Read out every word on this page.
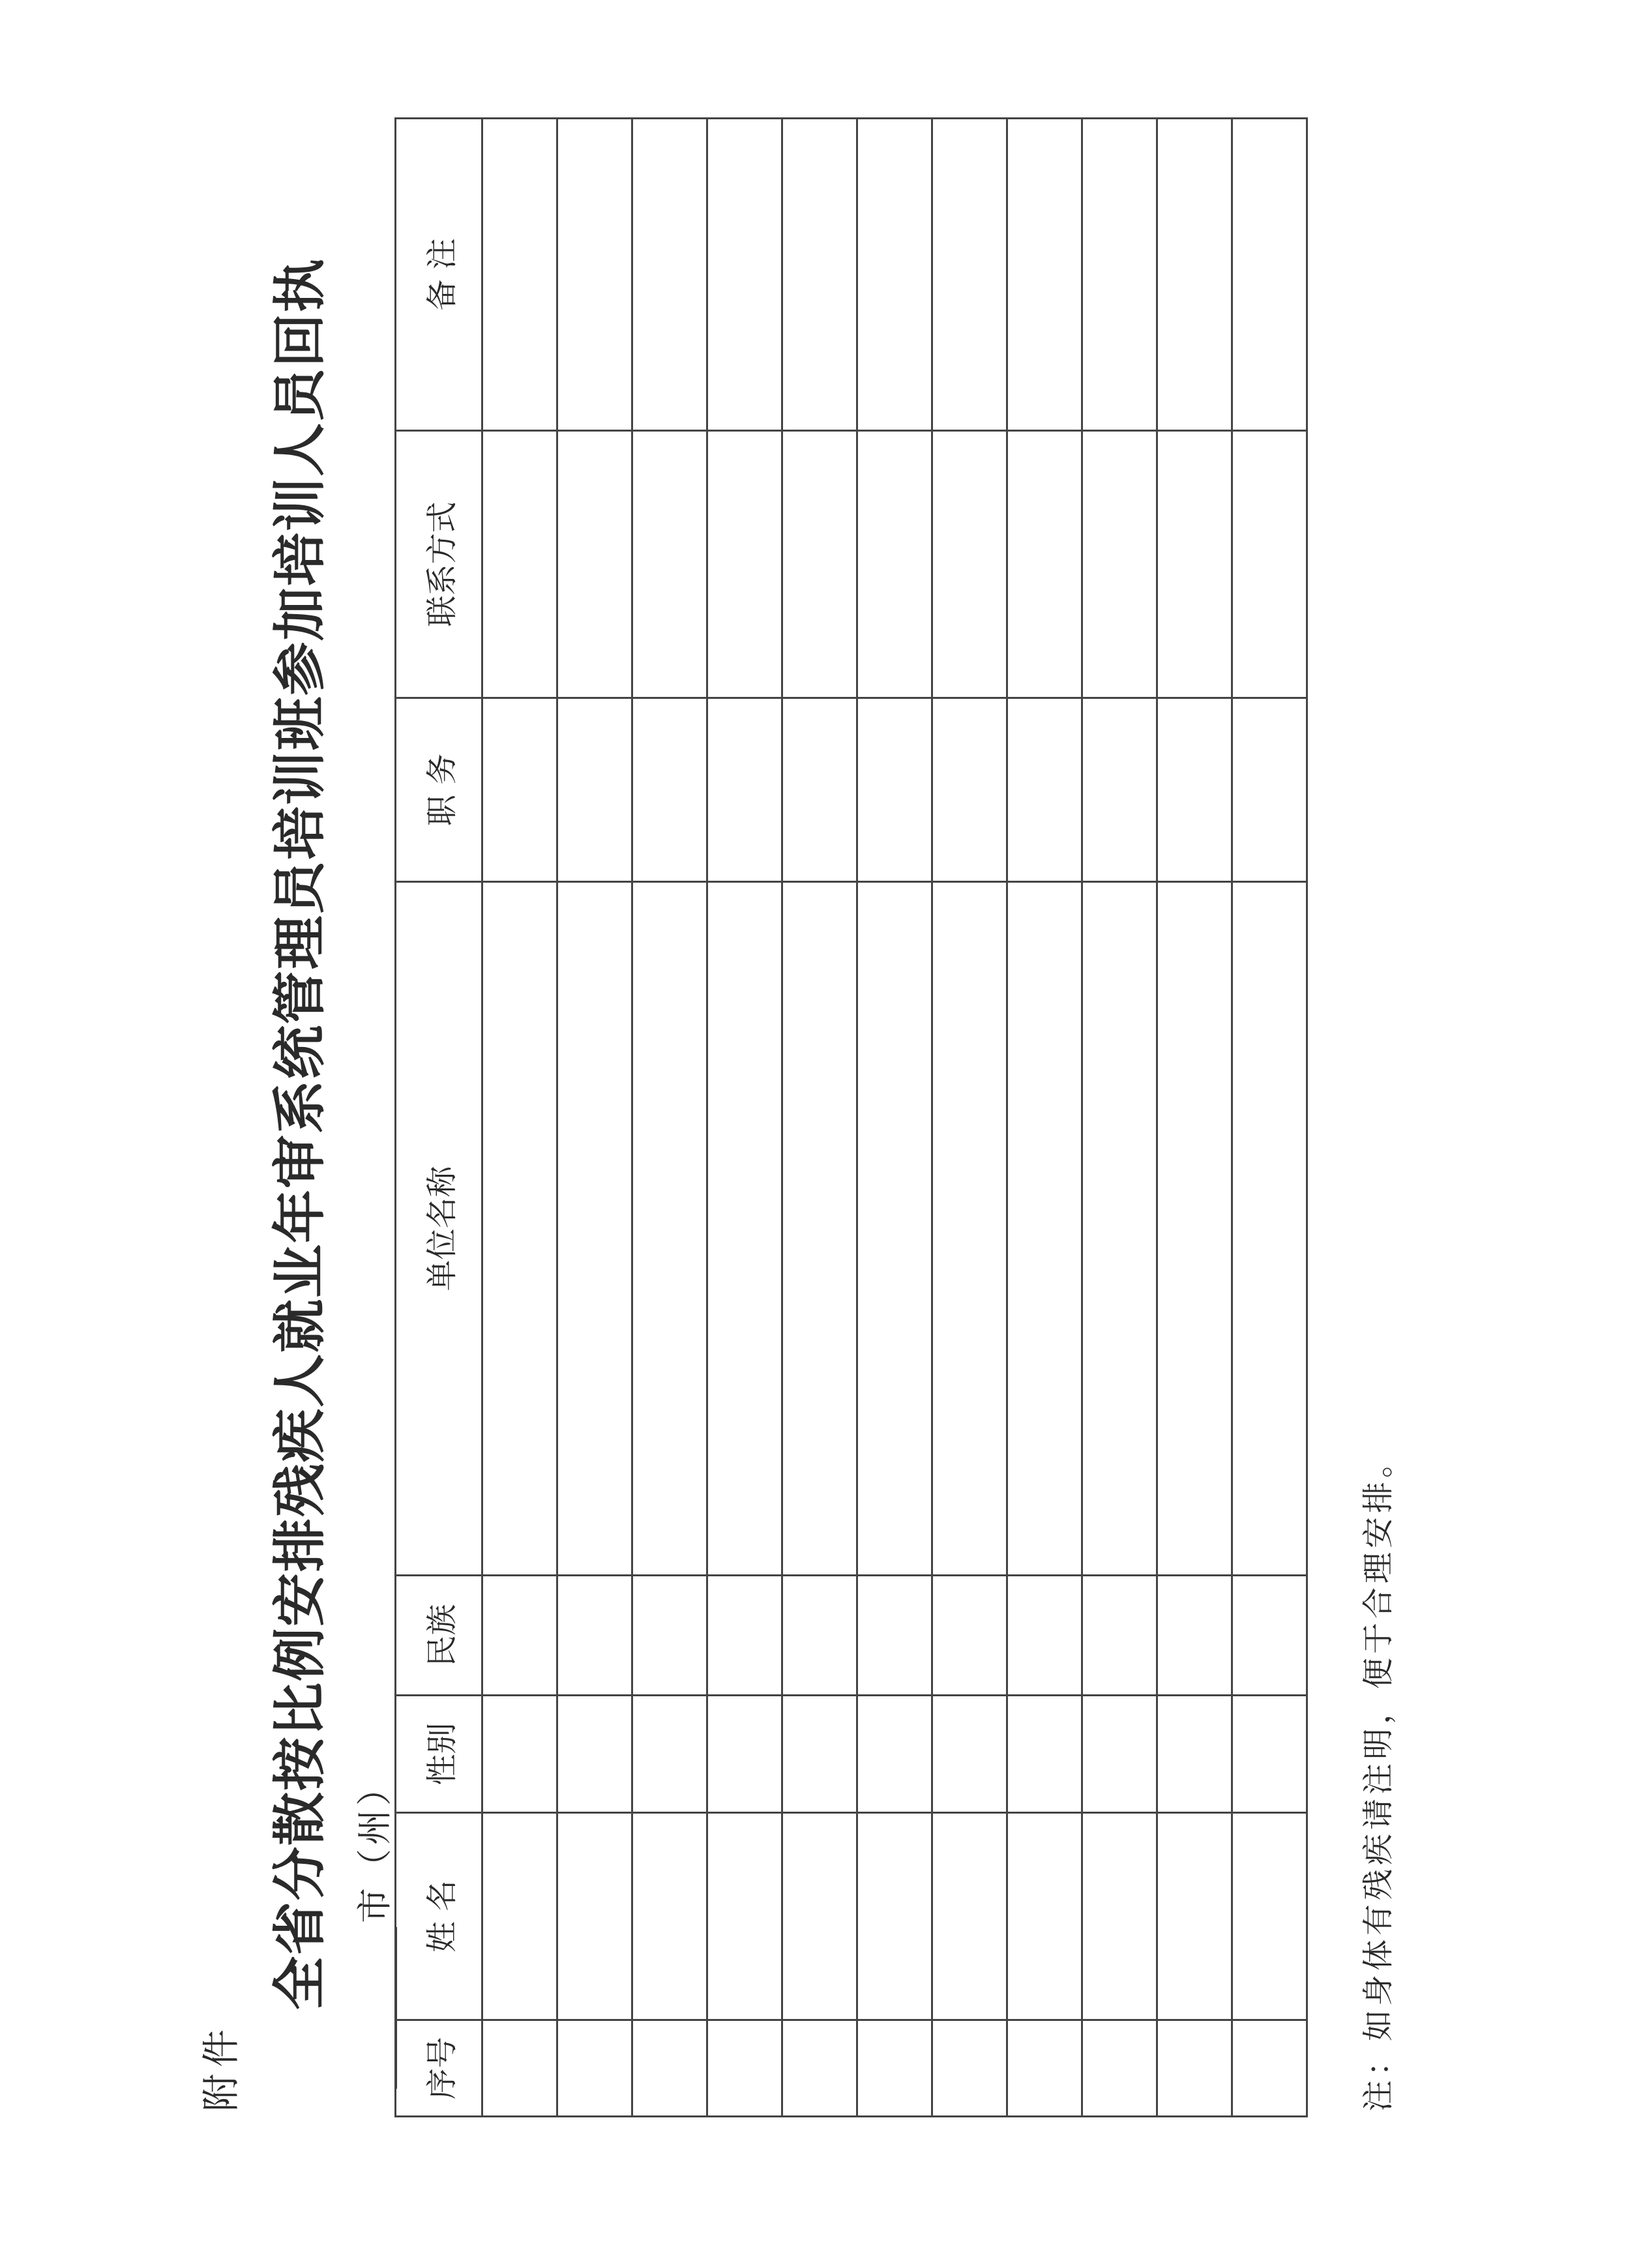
附件
全省分散按比例安排残疾人就业年审系统管理员培训班参加培训人员回执 市（州）
序号	姓 名	性别	民族	单位名称	职 务	联系方式	备 注

注：如身体有残疾请注明，便于合理安排。
